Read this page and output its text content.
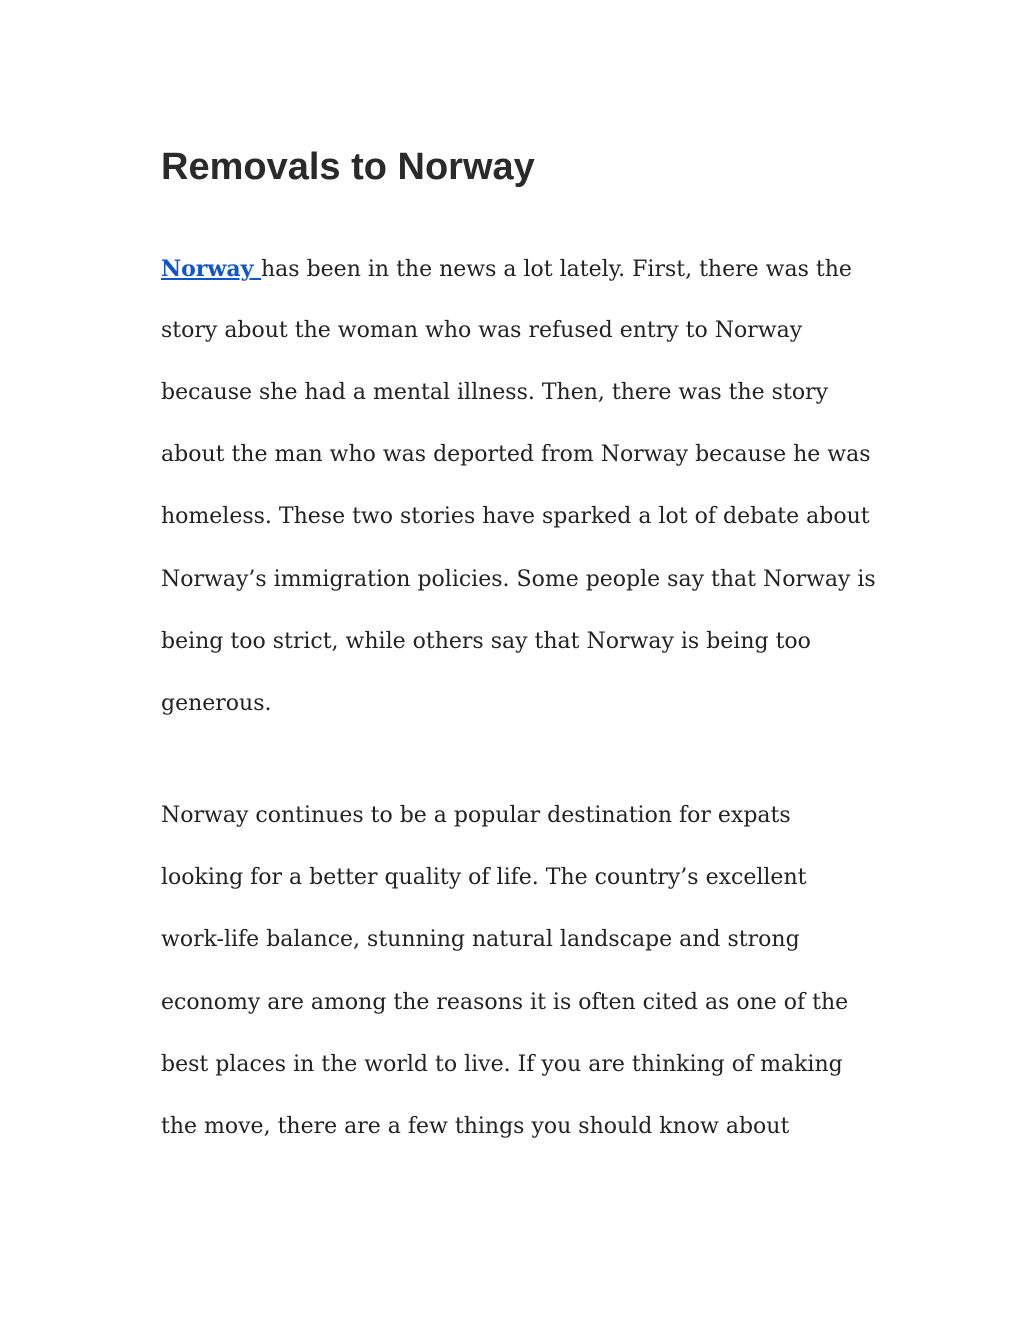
Removals to Norway

Norway has been in the news a lot lately. First, there was the

story about the woman who was refused entry to Norway

because she had a mental illness. Then, there was the story

about the man who was deported from Norway because he was

homeless. These two stories have sparked a lot of debate about

Norway’s immigration policies. Some people say that Norway is

being too strict, while others say that Norway is being too

generous.

Norway continues to be a popular destination for expats

looking for a better quality of life. The country’s excellent

work-life balance, stunning natural landscape and strong

economy are among the reasons it is often cited as one of the

best places in the world to live. If you are thinking of making

the move, there are a few things you should know about
